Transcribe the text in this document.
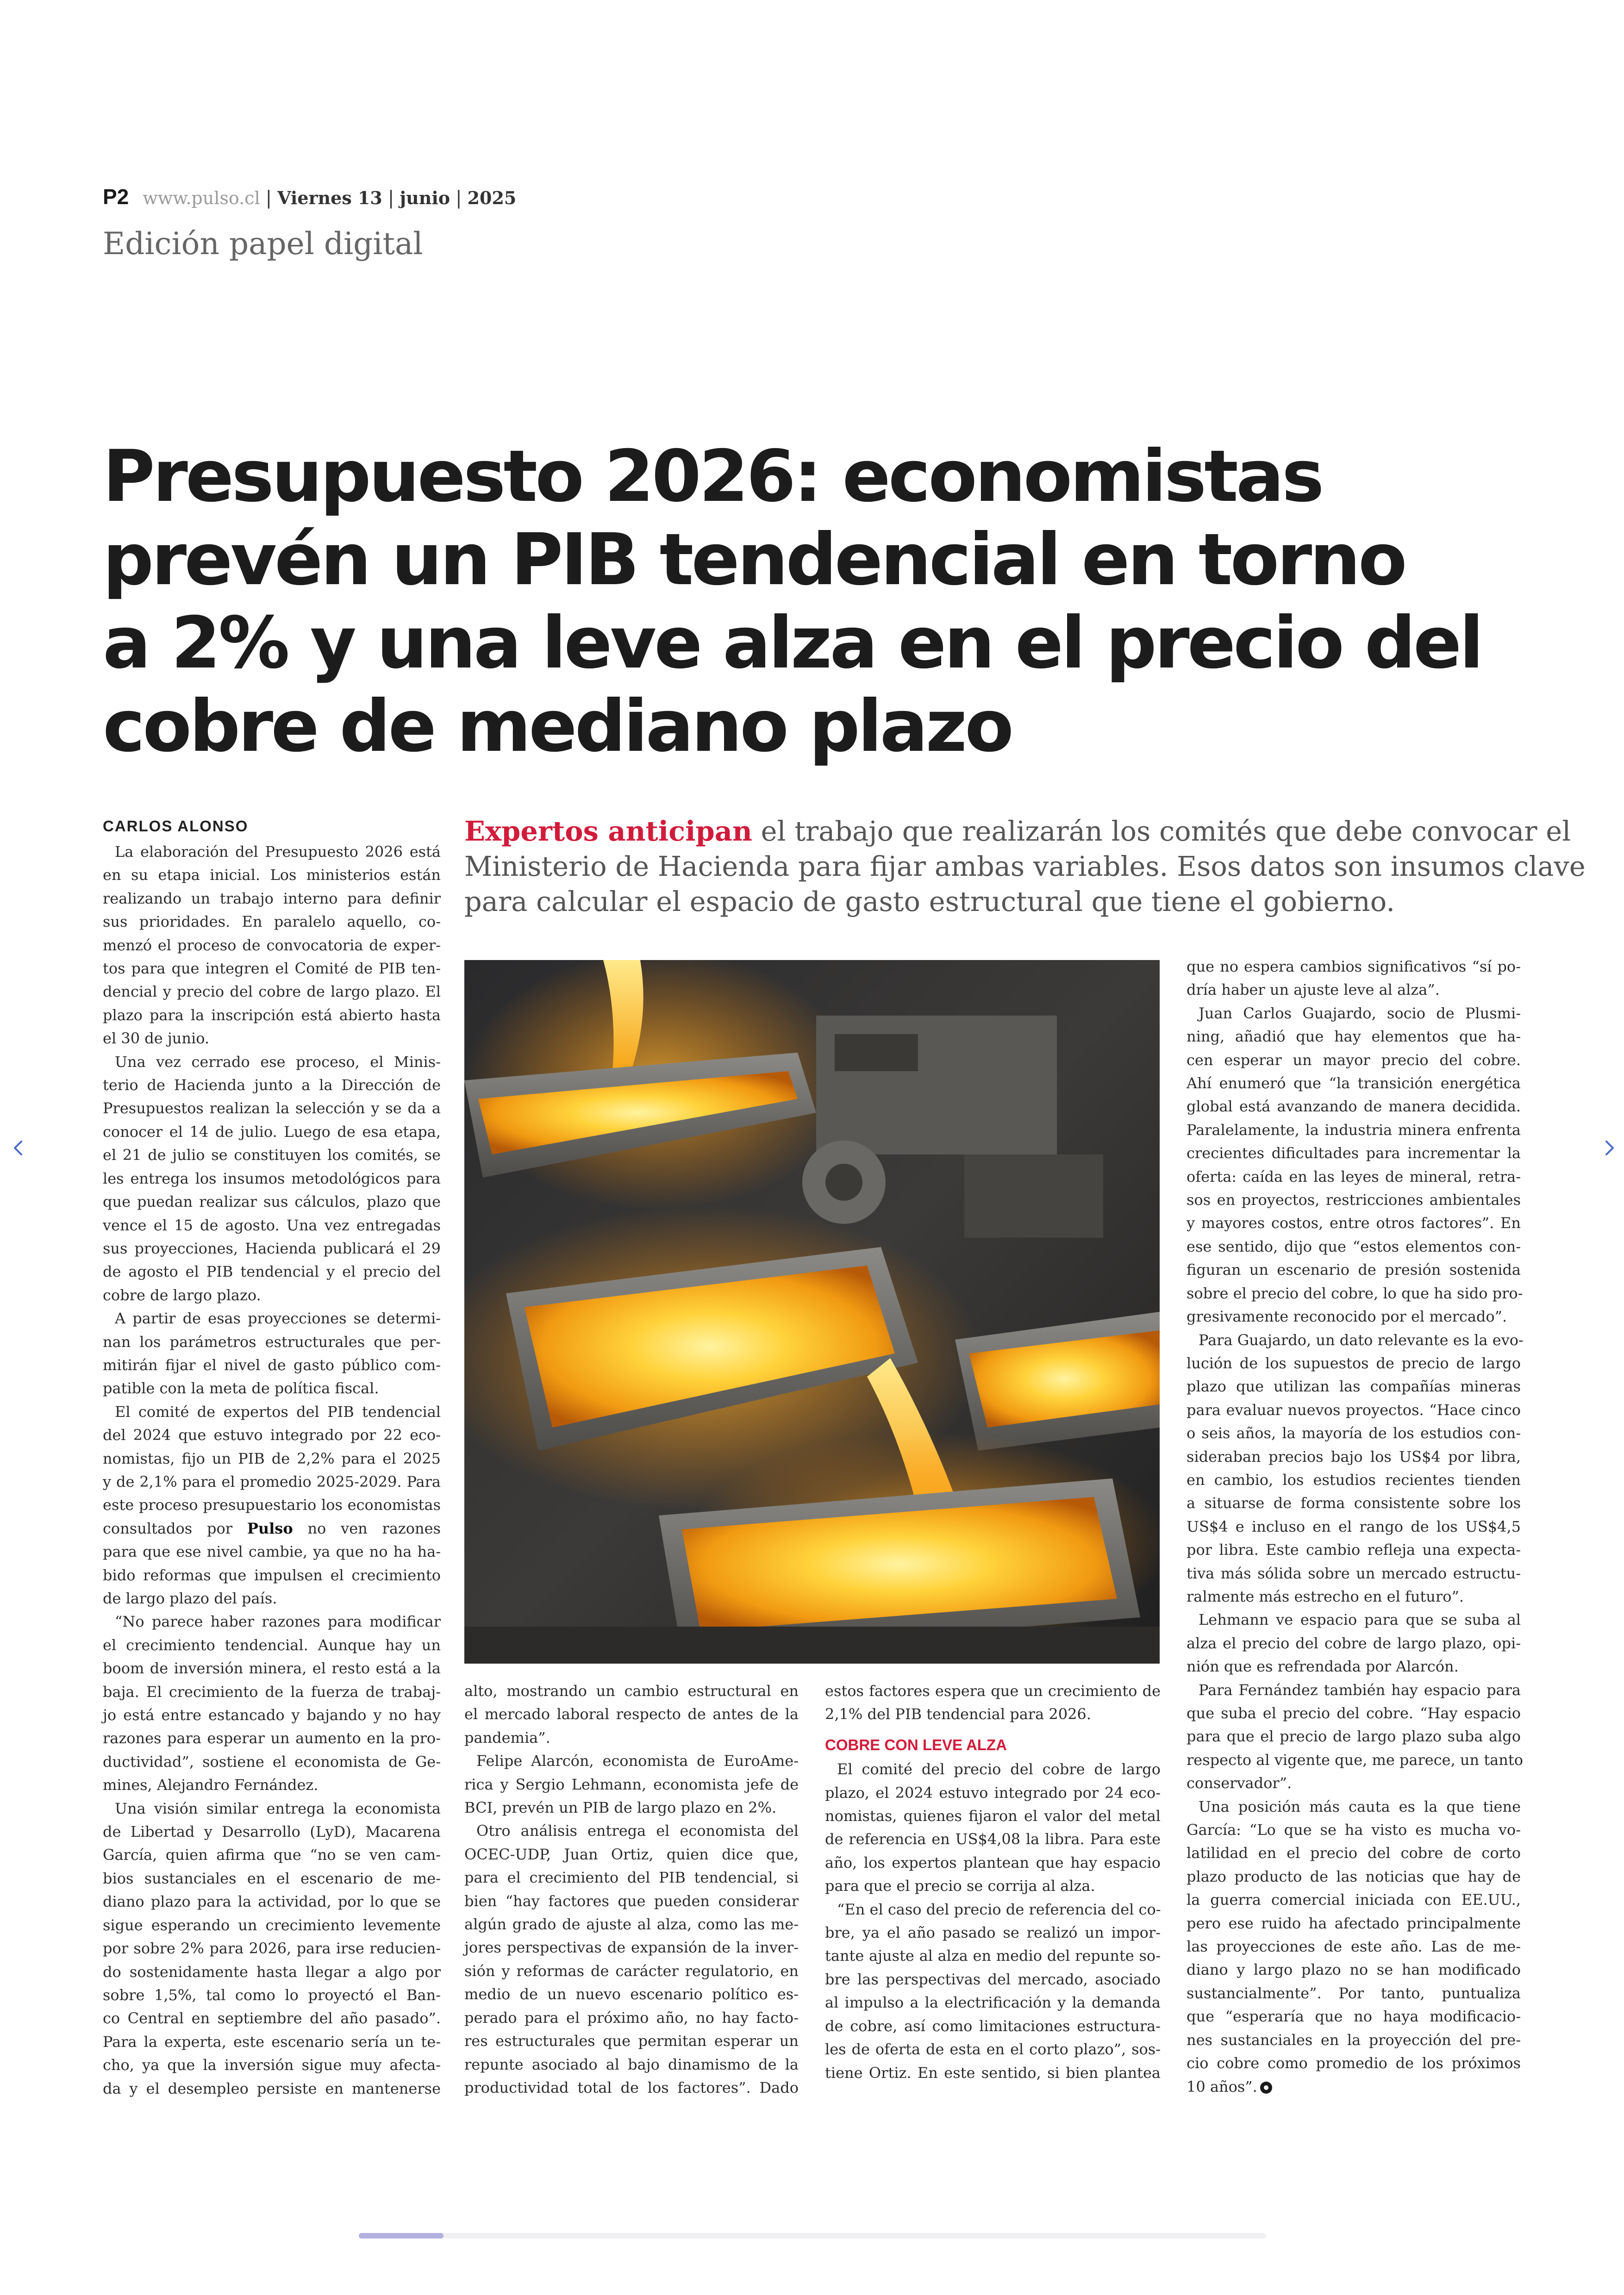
P2 www.pulso.cl | Viernes 13 | junio | 2025
Edición papel digital
Presupuesto 2026: economistas
prevén un PIB tendencial en torno
a 2% y una leve alza en el precio del
cobre de mediano plazo
CARLOS ALONSO	Expertos anticipan el trabajo que realizarán los comités que debe convocar el
Ministerio de Hacienda para fijar ambas variables. Esos datos son insumos clave
para calcular el espacio de gasto estructural que tiene el gobierno.

La elaboración del Presupuesto 2026 está

en su etapa inicial. Los ministerios están

realizando un trabajo interno para definir

sus prioridades. En paralelo aquello, co-

menzó el proceso de convocatoria de exper-

tos para que integren el Comité de PIB ten-

dencial y precio del cobre de largo plazo. El

plazo para la inscripción está abierto hasta

el 30 de junio.

Una vez cerrado ese proceso, el Minis-

terio de Hacienda junto a la Dirección de

Presupuestos realizan la selección y se da a

conocer el 14 de julio. Luego de esa etapa,

el 21 de julio se constituyen los comités, se

les entrega los insumos metodológicos para

que puedan realizar sus cálculos, plazo que

vence el 15 de agosto. Una vez entregadas

sus proyecciones, Hacienda publicará el 29

de agosto el PIB tendencial y el precio del

cobre de largo plazo.

A partir de esas proyecciones se determi-

nan los parámetros estructurales que per-

mitirán fijar el nivel de gasto público com-

patible con la meta de política fiscal.

El comité de expertos del PIB tendencial

del 2024 que estuvo integrado por 22 eco-

nomistas, fijo un PIB de 2,2% para el 2025

y de 2,1% para el promedio 2025-2029. Para

este proceso presupuestario los economistas

consultados por Pulso no ven razones

para que ese nivel cambie, ya que no ha ha-

bido reformas que impulsen el crecimiento

de largo plazo del país.

“No parece haber razones para modificar

el crecimiento tendencial. Aunque hay un

boom de inversión minera, el resto está a la

baja. El crecimiento de la fuerza de trabaj-

jo está entre estancado y bajando y no hay

razones para esperar un aumento en la pro-

ductividad”, sostiene el economista de Ge-

mines, Alejandro Fernández.

Una visión similar entrega la economista

de Libertad y Desarrollo (LyD), Macarena

García, quien afirma que “no se ven cam-

bios sustanciales en el escenario de me-

diano plazo para la actividad, por lo que se

sigue esperando un crecimiento levemente

por sobre 2% para 2026, para irse reducien-

do sostenidamente hasta llegar a algo por

sobre 1,5%, tal como lo proyectó el Ban-

co Central en septiembre del año pasado”.

Para la experta, este escenario sería un te-

cho, ya que la inversión sigue muy afecta-

da y el desempleo persiste en mantenerse

alto, mostrando un cambio estructural en

el mercado laboral respecto de antes de la

pandemia”.

Felipe Alarcón, economista de EuroAme-

rica y Sergio Lehmann, economista jefe de

BCI, prevén un PIB de largo plazo en 2%.

Otro análisis entrega el economista del

OCEC-UDP, Juan Ortiz, quien dice que,

para el crecimiento del PIB tendencial, si

bien “hay factores que pueden considerar

algún grado de ajuste al alza, como las me-

jores perspectivas de expansión de la inver-

sión y reformas de carácter regulatorio, en

medio de un nuevo escenario político es-

perado para el próximo año, no hay facto-

res estructurales que permitan esperar un

repunte asociado al bajo dinamismo de la

productividad total de los factores”. Dado

estos factores espera que un crecimiento de

2,1% del PIB tendencial para 2026.

COBRE CON LEVE ALZA

El comité del precio del cobre de largo

plazo, el 2024 estuvo integrado por 24 eco-

nomistas, quienes fijaron el valor del metal

de referencia en US$4,08 la libra. Para este

año, los expertos plantean que hay espacio

para que el precio se corrija al alza.

“En el caso del precio de referencia del co-

bre, ya el año pasado se realizó un impor-

tante ajuste al alza en medio del repunte so-

bre las perspectivas del mercado, asociado

al impulso a la electrificación y la demanda

de cobre, así como limitaciones estructura-

les de oferta de esta en el corto plazo”, sos-

tiene Ortiz. En este sentido, si bien plantea

que no espera cambios significativos “sí po-

dría haber un ajuste leve al alza”.

Juan Carlos Guajardo, socio de Plusmi-

ning, añadió que hay elementos que ha-

cen esperar un mayor precio del cobre.

Ahí enumeró que “la transición energética

global está avanzando de manera decidida.

Paralelamente, la industria minera enfrenta

crecientes dificultades para incrementar la

oferta: caída en las leyes de mineral, retra-

sos en proyectos, restricciones ambientales

y mayores costos, entre otros factores”. En

ese sentido, dijo que “estos elementos con-

figuran un escenario de presión sostenida

sobre el precio del cobre, lo que ha sido pro-

gresivamente reconocido por el mercado”.

Para Guajardo, un dato relevante es la evo-

lución de los supuestos de precio de largo

plazo que utilizan las compañías mineras

para evaluar nuevos proyectos. “Hace cinco

o seis años, la mayoría de los estudios con-

sideraban precios bajo los US$4 por libra,

en cambio, los estudios recientes tienden

a situarse de forma consistente sobre los

US$4 e incluso en el rango de los US$4,5

por libra. Este cambio refleja una expecta-

tiva más sólida sobre un mercado estructu-

ralmente más estrecho en el futuro”.

Lehmann ve espacio para que se suba al

alza el precio del cobre de largo plazo, opi-

nión que es refrendada por Alarcón.

Para Fernández también hay espacio para

que suba el precio del cobre. “Hay espacio

para que el precio de largo plazo suba algo

respecto al vigente que, me parece, un tanto

conservador”.

Una posición más cauta es la que tiene

García: “Lo que se ha visto es mucha vo-

latilidad en el precio del cobre de corto

plazo producto de las noticias que hay de

la guerra comercial iniciada con EE.UU.,

pero ese ruido ha afectado principalmente

las proyecciones de este año. Las de me-

diano y largo plazo no se han modificado

sustancialmente”. Por tanto, puntualiza

que “esperaría que no haya modificacio-

nes sustanciales en la proyección del pre-

cio cobre como promedio de los próximos

10 años”.
